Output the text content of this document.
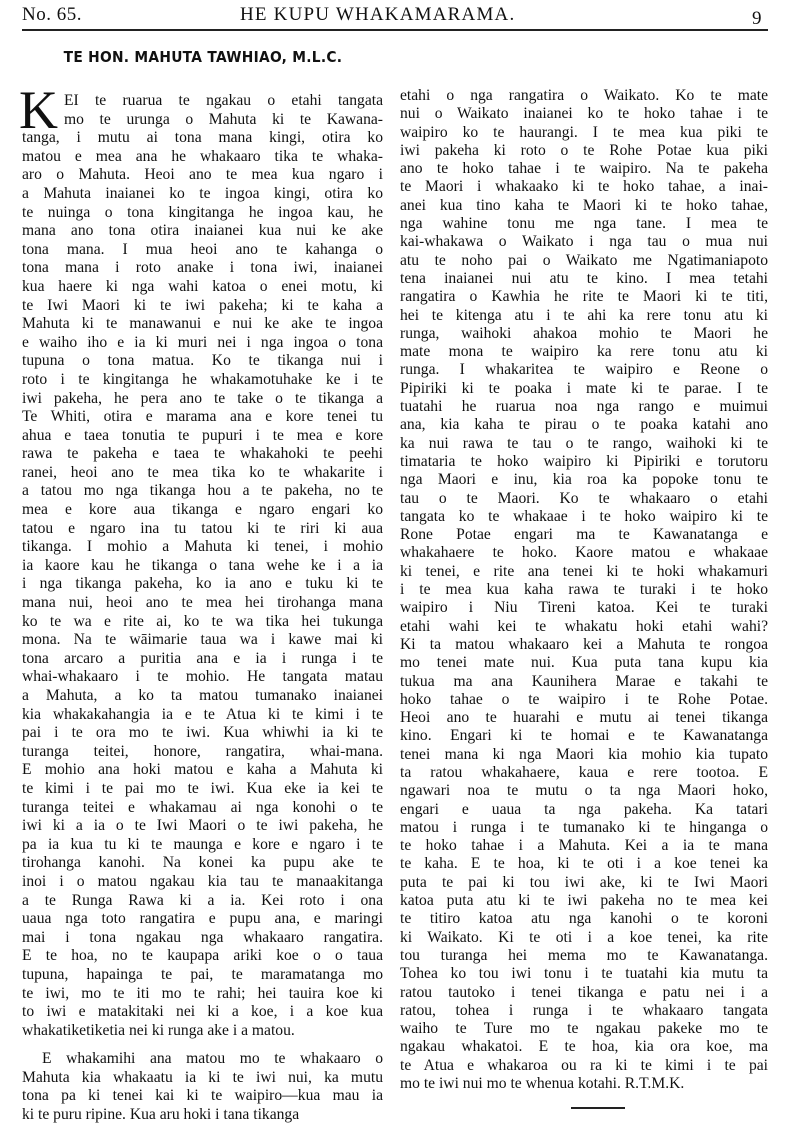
No. 65.	HE KUPU WHAKAMARAMA.	9
TE HON. MAHUTA TAWHIAO, M.L.C.
K EI te ruarua te ngakau o etahi tangata
mo te urunga o Mahuta ki te Kawana-
tanga, i mutu ai tona mana kingi, otira ko
matou e mea ana he whakaaro tika te whaka-
aro o Mahuta. Heoi ano te mea kua ngaro i
a Mahuta inaianei ko te ingoa kingi, otira ko
te nuinga o tona kingitanga he ingoa kau, he
mana ano tona otira inaianei kua nui ke ake
tona mana. I mua heoi ano te kahanga o
tona mana i roto anake i tona iwi, inaianei
kua haere ki nga wahi katoa o enei motu, ki
te Iwi Maori ki te iwi pakeha; ki te kaha a
Mahuta ki te manawanui e nui ke ake te ingoa
e waiho iho e ia ki muri nei i nga ingoa o tona
tupuna o tona matua. Ko te tikanga nui i
roto i te kingitanga he whakamotuhake ke i te
iwi pakeha, he pera ano te take o te tikanga a
Te Whiti, otira e marama ana e kore tenei tu
ahua e taea tonutia te pupuri i te mea e kore
rawa te pakeha e taea te whakahoki te peehi
ranei, heoi ano te mea tika ko te whakarite i
a tatou mo nga tikanga hou a te pakeha, no te
mea e kore aua tikanga e ngaro engari ko
tatou e ngaro ina tu tatou ki te riri ki aua
tikanga. I mohio a Mahuta ki tenei, i mohio
ia kaore kau he tikanga o tana wehe ke i a ia
i nga tikanga pakeha, ko ia ano e tuku ki te
mana nui, heoi ano te mea hei tirohanga mana
ko te wa e rite ai, ko te wa tika hei tukunga
mona. Na te wāimarie taua wa i kawe mai ki
tona arcaro a puritia ana e ia i runga i te
whai-whakaaro i te mohio. He tangata matau
a Mahuta, a ko ta matou tumanako inaianei
kia whakakahangia ia e te Atua ki te kimi i te
pai i te ora mo te iwi. Kua whiwhi ia ki te
turanga teitei, honore, rangatira, whai-mana.
E mohio ana hoki matou e kaha a Mahuta ki
te kimi i te pai mo te iwi. Kua eke ia kei te
turanga teitei e whakamau ai nga konohi o te
iwi ki a ia o te Iwi Maori o te iwi pakeha, he
pa ia kua tu ki te maunga e kore e ngaro i te
tirohanga kanohi. Na konei ka pupu ake te
inoi i o matou ngakau kia tau te manaakitanga
a te Runga Rawa ki a ia. Kei roto i ona
uaua nga toto rangatira e pupu ana, e maringi
mai i tona ngakau nga whakaaro rangatira.
E te hoa, no te kaupapa ariki koe o o taua
tupuna, hapainga te pai, te maramatanga mo
te iwi, mo te iti mo te rahi; hei tauira koe ki
to iwi e matakitaki nei ki a koe, i a koe kua
whakatiketiketia nei ki runga ake i a matou.
E whakamihi ana matou mo te whakaaro o
Mahuta kia whakaatu ia ki te iwi nui, ka mutu
tona pa ki tenei kai ki te waipiro—kua mau ia
ki te puru ripine. Kua aru hoki i tana tikanga
etahi o nga rangatira o Waikato. Ko te mate
nui o Waikato inaianei ko te hoko tahae i te
waipiro ko te haurangi. I te mea kua piki te
iwi pakeha ki roto o te Rohe Potae kua piki
ano te hoko tahae i te waipiro. Na te pakeha
te Maori i whakaako ki te hoko tahae, a inai-
anei kua tino kaha te Maori ki te hoko tahae,
nga wahine tonu me nga tane. I mea te
kai-whakawa o Waikato i nga tau o mua nui
atu te noho pai o Waikato me Ngatimaniapoto
tena inaianei nui atu te kino. I mea tetahi
rangatira o Kawhia he rite te Maori ki te titi,
hei te kitenga atu i te ahi ka rere tonu atu ki
runga, waihoki ahakoa mohio te Maori he
mate mona te waipiro ka rere tonu atu ki
runga. I whakaritea te waipiro e Reone o
Pipiriki ki te poaka i mate ki te parae. I te
tuatahi he ruarua noa nga rango e muimui
ana, kia kaha te pirau o te poaka katahi ano
ka nui rawa te tau o te rango, waihoki ki te
timataria te hoko waipiro ki Pipiriki e torutoru
nga Maori e inu, kia roa ka popoke tonu te
tau o te Maori. Ko te whakaaro o etahi
tangata ko te whakaae i te hoko waipiro ki te
Rone Potae engari ma te Kawanatanga e
whakahaere te hoko. Kaore matou e whakaae
ki tenei, e rite ana tenei ki te hoki whakamuri
i te mea kua kaha rawa te turaki i te hoko
waipiro i Niu Tireni katoa. Kei te turaki
etahi wahi kei te whakatu hoki etahi wahi?
Ki ta matou whakaaro kei a Mahuta te rongoa
mo tenei mate nui. Kua puta tana kupu kia
tukua ma ana Kaunihera Marae e takahi te
hoko tahae o te waipiro i te Rohe Potae.
Heoi ano te huarahi e mutu ai tenei tikanga
kino. Engari ki te homai e te Kawanatanga
tenei mana ki nga Maori kia mohio kia tupato
ta ratou whakahaere, kaua e rere tootoa. E
ngawari noa te mutu o ta nga Maori hoko,
engari e uaua ta nga pakeha. Ka tatari
matou i runga i te tumanako ki te hinganga o
te hoko tahae i a Mahuta. Kei a ia te mana
te kaha. E te hoa, ki te oti i a koe tenei ka
puta te pai ki tou iwi ake, ki te Iwi Maori
katoa puta atu ki te iwi pakeha no te mea kei
te titiro katoa atu nga kanohi o te koroni
ki Waikato. Ki te oti i a koe tenei, ka rite
tou turanga hei mema mo te Kawanatanga.
Tohea ko tou iwi tonu i te tuatahi kia mutu ta
ratou tautoko i tenei tikanga e patu nei i a
ratou, tohea i runga i te whakaaro tangata
waiho te Ture mo te ngakau pakeke mo te
ngakau whakatoi. E te hoa, kia ora koe, ma
te Atua e whakaroa ou ra ki te kimi i te pai
mo te iwi nui mo te whenua kotahi. R.T.M.K.
